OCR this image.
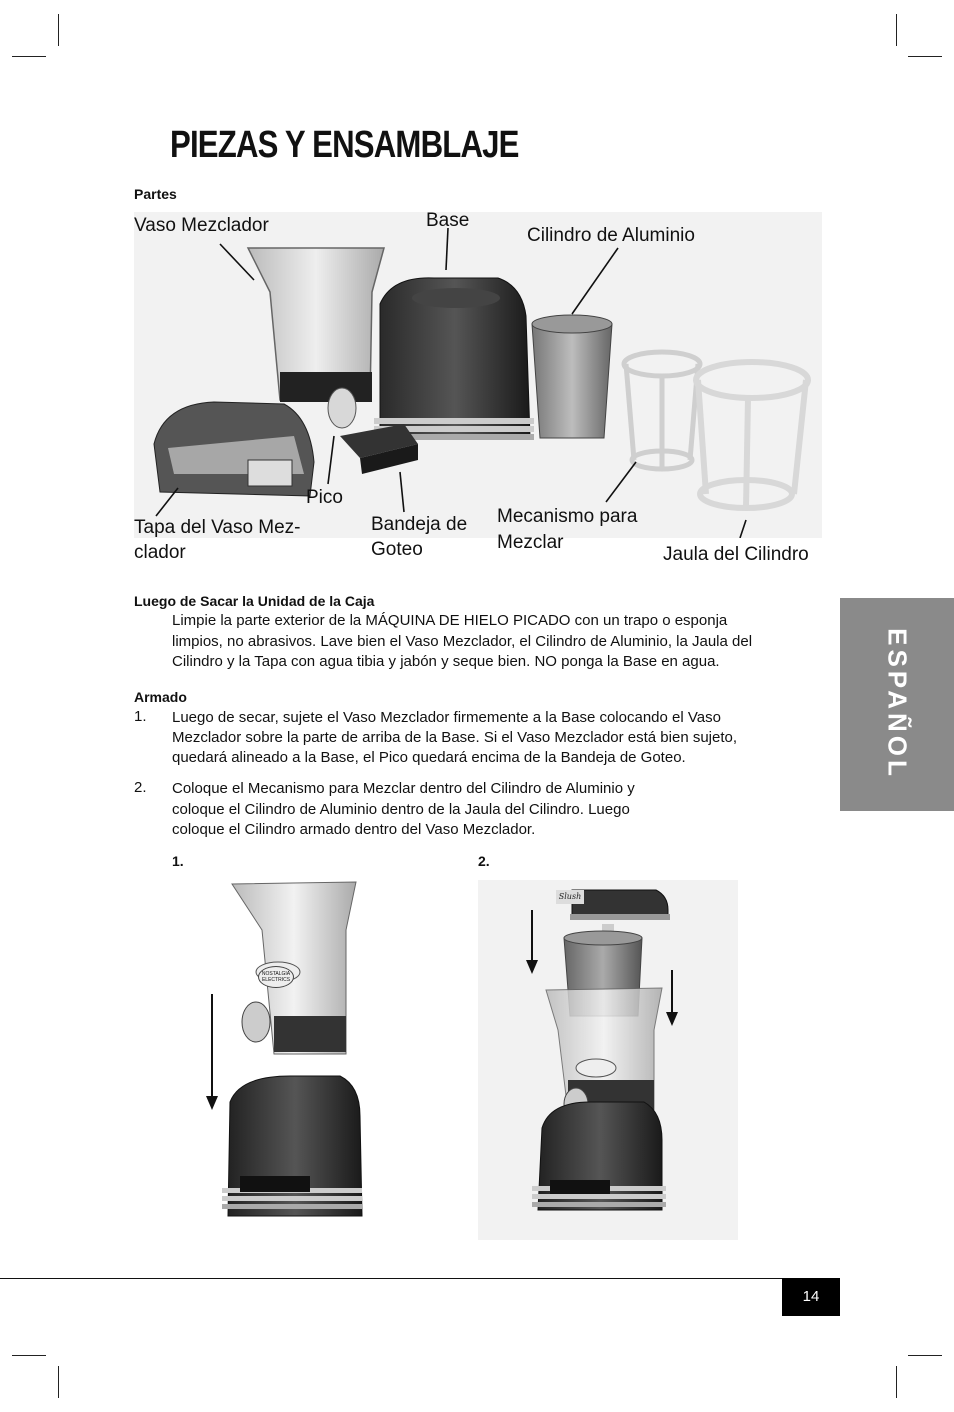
PIEZAS Y ENSAMBLAJE
Partes
Vaso Mezclador	Base
Cilindro de Aluminio
Pico
Tapa del Vaso Mez-
clador
Bandeja de
Goteo
Mecanismo para
Mezclar
Jaula del Cilindro
Luego de Sacar la Unidad de la Caja
Limpie la parte exterior de la MÁQUINA DE HIELO PICADO con un trapo o esponja
limpios, no abrasivos. Lave bien el Vaso Mezclador, el Cilindro de Aluminio, la Jaula del
Cilindro y la Tapa con agua tibia y jabón y seque bien. NO ponga la Base en agua.
Armado
1. Luego de secar, sujete el Vaso Mezclador firmemente a la Base colocando el Vaso
Mezclador sobre la parte de arriba de la Base. Si el Vaso Mezclador está bien sujeto,
quedará alineado a la Base, el Pico quedará encima de la Bandeja de Goteo.
2. Coloque el Mecanismo para Mezclar dentro del Cilindro de Aluminio y
coloque el Cilindro de Aluminio dentro de la Jaula del Cilindro. Luego
coloque el Cilindro armado dentro del Vaso Mezclador.
1.	2.
NOSTALGIA
ELECTRICS
Slush
ESPAÑOL
14
